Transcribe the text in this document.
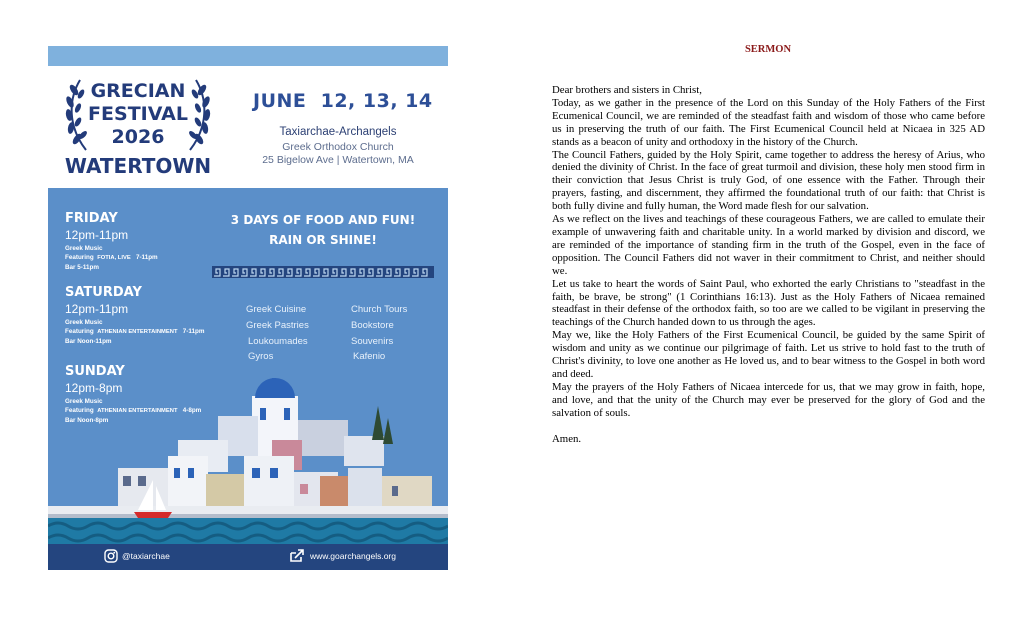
GRECIAN
FESTIVAL
2026
WATERTOWN
JUNE  12, 13, 14
Taxiarchae-Archangels
Greek Orthodox Church
25 Bigelow Ave | Watertown, MA
FRIDAY
12pm-11pm
Greek Music
Featuring FOTIA, LIVE 7-11pm
Bar 5-11pm
SATURDAY
12pm-11pm
Greek Music
Featuring ATHENIAN ENTERTAINMENT 7-11pm
Bar Noon-11pm
SUNDAY
12pm-8pm
Greek Music
Featuring ATHENIAN ENTERTAINMENT 4-8pm
Bar Noon-8pm
3 DAYS OF FOOD AND FUN!
RAIN OR SHINE!
Greek Cuisine
Greek Pastries
Loukoumades
Gyros
Church Tours
Bookstore
Souvenirs
Kafenio
@taxiarchae	www.goarchangels.org
SERMON

Dear brothers and sisters in Christ,

Today, as we gather in the presence of the Lord on this Sunday of the Holy Fathers of the First Ecumenical Council, we are reminded of the steadfast faith and wisdom of those who came before us in preserving the truth of our faith. The First Ecumenical Council held at Nicaea in 325 AD stands as a beacon of unity and orthodoxy in the history of the Church.

The Council Fathers, guided by the Holy Spirit, came together to address the heresy of Arius, who denied the divinity of Christ. In the face of great turmoil and division, these holy men stood firm in their conviction that Jesus Christ is truly God, of one essence with the Father. Through their prayers, fasting, and discernment, they affirmed the foundational truth of our faith: that Christ is both fully divine and fully human, the Word made flesh for our salvation.

As we reflect on the lives and teachings of these courageous Fathers, we are called to emulate their example of unwavering faith and charitable unity. In a world marked by division and discord, we are reminded of the importance of standing firm in the truth of the Gospel, even in the face of opposition. The Council Fathers did not waver in their commitment to Christ, and neither should we.

Let us take to heart the words of Saint Paul, who exhorted the early Christians to "steadfast in the faith, be brave, be strong" (1 Corinthians 16:13). Just as the Holy Fathers of Nicaea remained steadfast in their defense of the orthodox faith, so too are we called to be vigilant in preserving the teachings of the Church handed down to us through the ages.

May we, like the Holy Fathers of the First Ecumenical Council, be guided by the same Spirit of wisdom and unity as we continue our pilgrimage of faith. Let us strive to hold fast to the truth of Christ's divinity, to love one another as He loved us, and to bear witness to the Gospel in both word and deed.

May the prayers of the Holy Fathers of Nicaea intercede for us, that we may grow in faith, hope, and love, and that the unity of the Church may ever be preserved for the glory of God and the salvation of souls.

Amen.
